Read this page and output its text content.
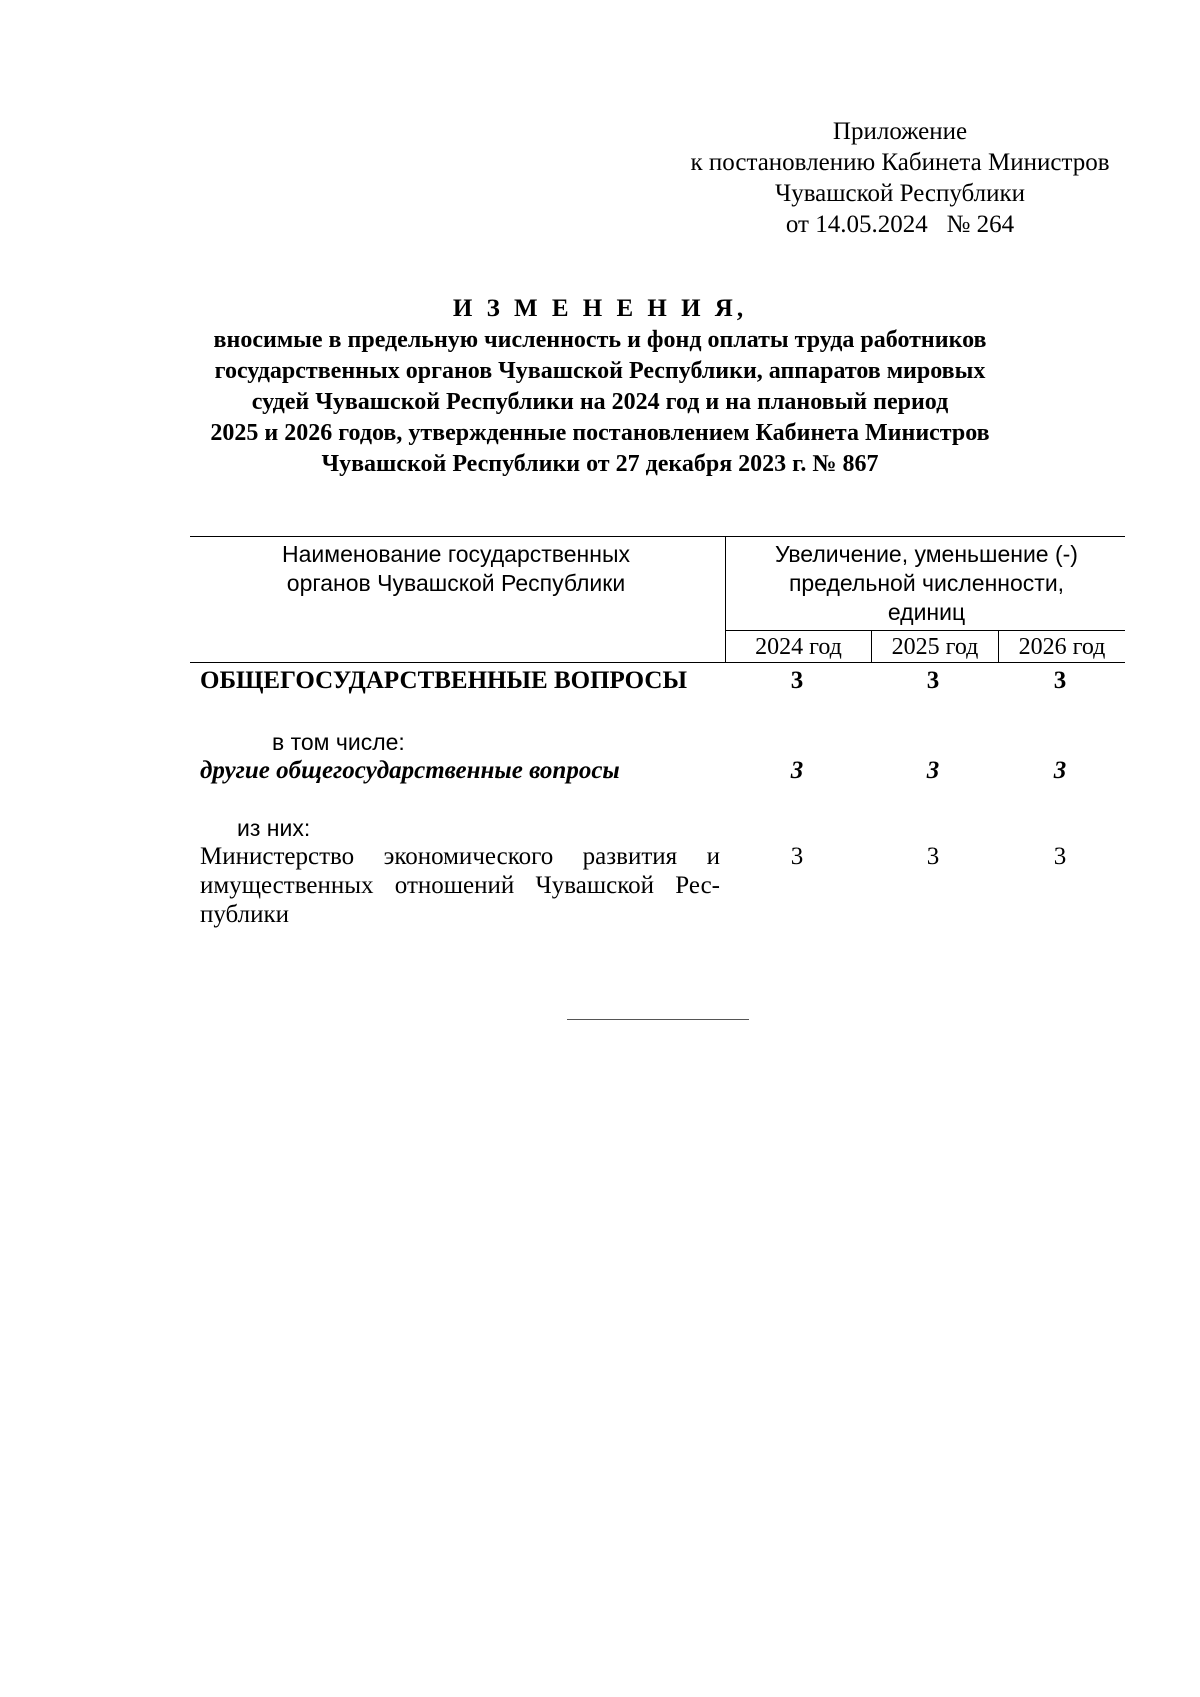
Приложение
к постановлению Кабинета Министров
Чувашской Республики
от 14.05.2024   № 264
И З М Е Н Е Н И Я,
вносимые в предельную численность и фонд оплаты труда работников
государственных органов Чувашской Республики, аппаратов мировых
судей Чувашской Республики на 2024 год и на плановый период
2025 и 2026 годов, утвержденные постановлением Кабинета Министров
Чувашской Республики от 27 декабря 2023 г. № 867
Наименование государственных
органов Чувашской Республики
Увеличение, уменьшение (-)
предельной численности,
единиц
2024 год	2025 год	2026 год
ОБЩЕГОСУДАРСТВЕННЫЕ ВОПРОСЫ	3	3	3
в том числе:
другие общегосударственные вопросы	3	3	3
из них:
Министерство экономического развития и
имущественных отношений Чувашской Рес-
публики
3	3	3
